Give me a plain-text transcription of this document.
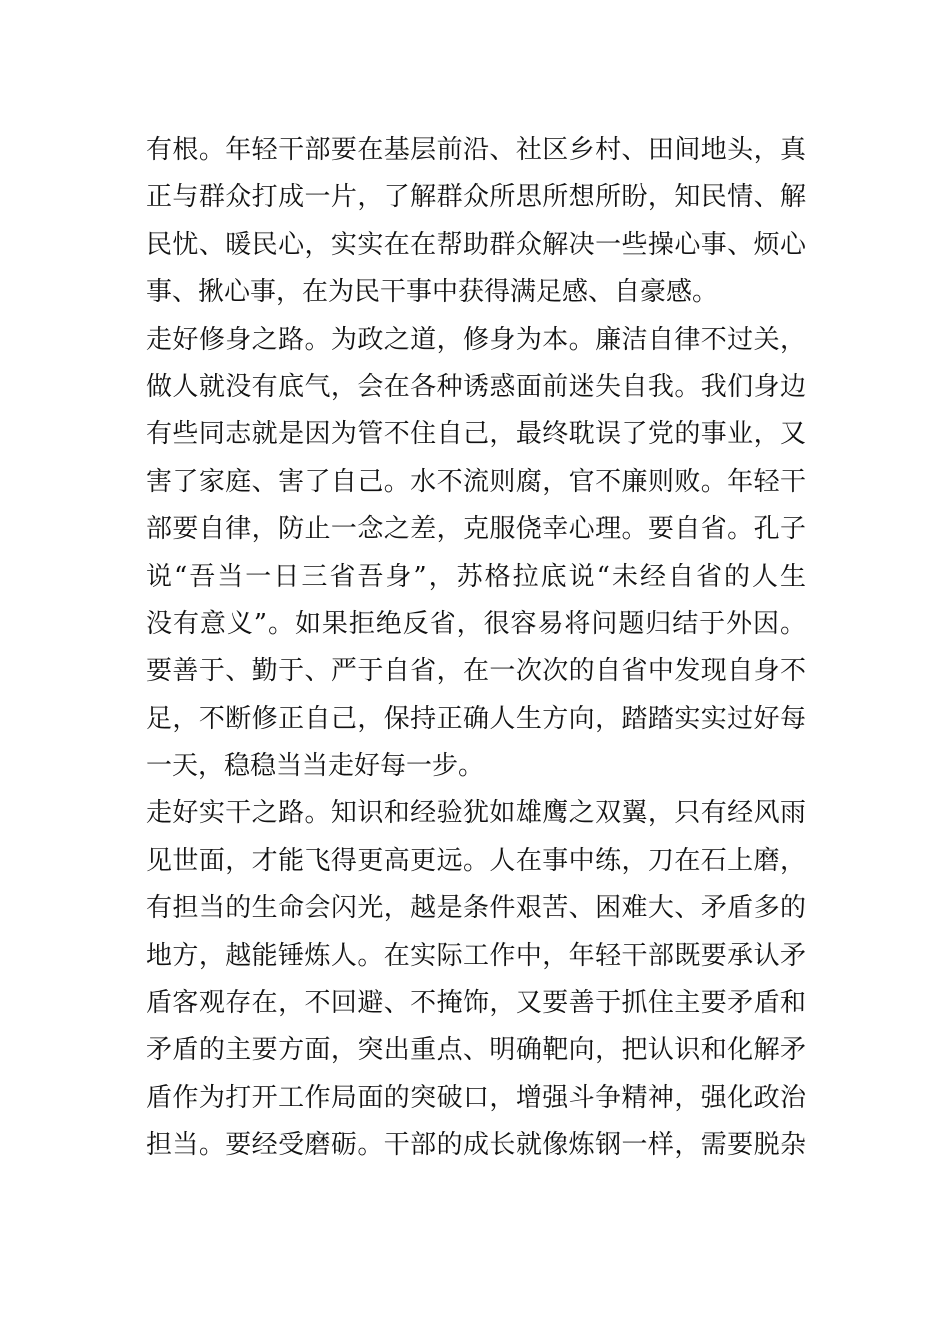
有根。年轻干部要在基层前沿、社区乡村、田间地头，真
正与群众打成一片，了解群众所思所想所盼，知民情、解
民忧、暖民心，实实在在帮助群众解决一些操心事、烦心
事、揪心事，在为民干事中获得满足感、自豪感。
走好修身之路。为政之道，修身为本。廉洁自律不过关，
做人就没有底气，会在各种诱惑面前迷失自我。我们身边
有些同志就是因为管不住自己，最终耽误了党的事业，又
害了家庭、害了自己。水不流则腐，官不廉则败。年轻干
部要自律，防止一念之差，克服侥幸心理。要自省。孔子
说“吾当一日三省吾身”，苏格拉底说“未经自省的人生
没有意义”。如果拒绝反省，很容易将问题归结于外因。
要善于、勤于、严于自省，在一次次的自省中发现自身不
足，不断修正自己，保持正确人生方向，踏踏实实过好每
一天，稳稳当当走好每一步。
走好实干之路。知识和经验犹如雄鹰之双翼，只有经风雨
见世面，才能飞得更高更远。人在事中练，刀在石上磨，
有担当的生命会闪光，越是条件艰苦、困难大、矛盾多的
地方，越能锤炼人。在实际工作中，年轻干部既要承认矛
盾客观存在，不回避、不掩饰，又要善于抓住主要矛盾和
矛盾的主要方面，突出重点、明确靶向，把认识和化解矛
盾作为打开工作局面的突破口，增强斗争精神，强化政治
担当。要经受磨砺。干部的成长就像炼钢一样，需要脱杂
